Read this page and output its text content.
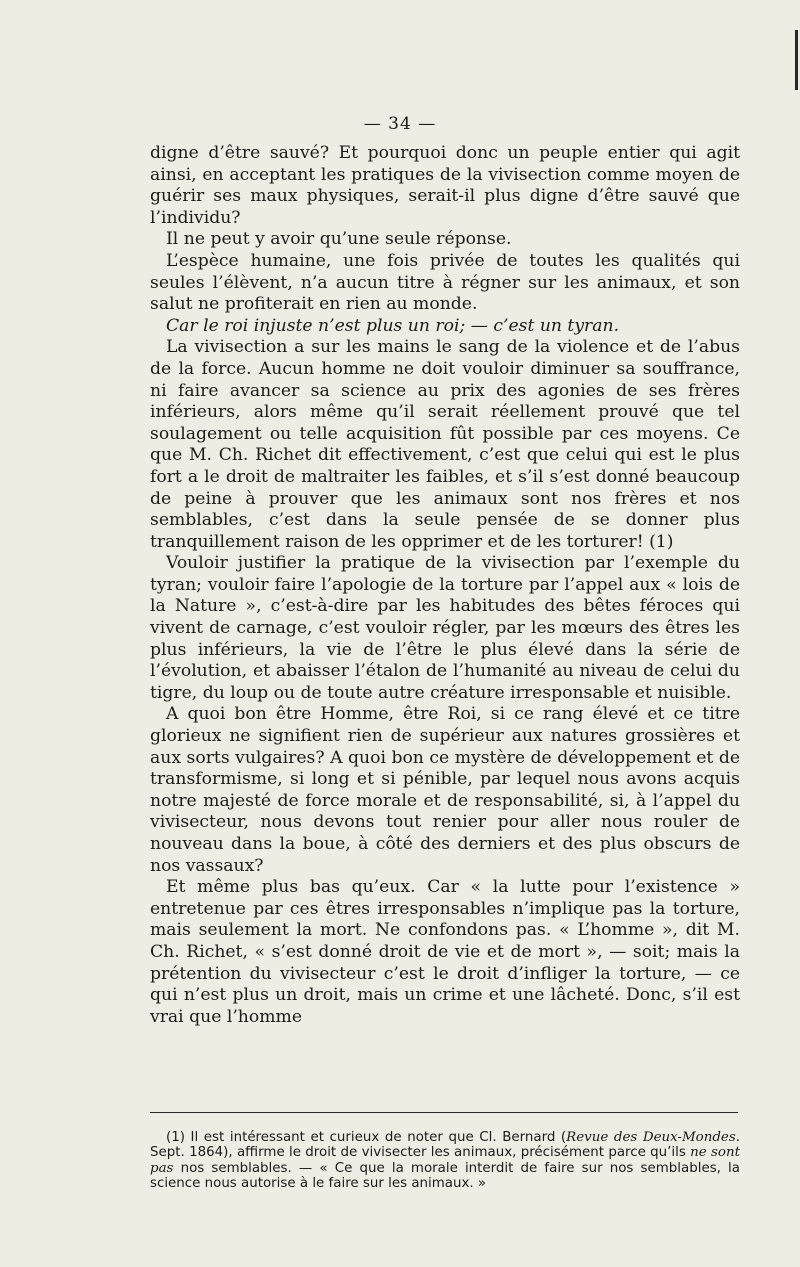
— 34 —

digne d’être sauvé? Et pourquoi donc un peuple entier qui agit ainsi, en acceptant les pratiques de la vivisection comme moyen de guérir ses maux physiques, serait-il plus digne d’être sauvé que l’individu?

Il ne peut y avoir qu’une seule réponse.

L’espèce humaine, une fois privée de toutes les qualités qui seules l’élèvent, n’a aucun titre à régner sur les animaux, et son salut ne profiterait en rien au monde.

Car le roi injuste n’est plus un roi; — c’est un tyran.

La vivisection a sur les mains le sang de la violence et de l’abus de la force. Aucun homme ne doit vouloir diminuer sa souffrance, ni faire avancer sa science au prix des agonies de ses frères inférieurs, alors même qu’il serait réellement prouvé que tel soulagement ou telle acquisition fût possible par ces moyens. Ce que M. Ch. Richet dit effectivement, c’est que celui qui est le plus fort a le droit de maltraiter les faibles, et s’il s’est donné beaucoup de peine à prouver que les animaux sont nos frères et nos semblables, c’est dans la seule pensée de se donner plus tranquillement raison de les opprimer et de les torturer! (1)

Vouloir justifier la pratique de la vivisection par l’exemple du tyran; vouloir faire l’apologie de la torture par l’appel aux « lois de la Nature », c’est-à-dire par les habitudes des bêtes féroces qui vivent de carnage, c’est vouloir régler, par les mœurs des êtres les plus inférieurs, la vie de l’être le plus élevé dans la série de l’évolution, et abaisser l’étalon de l’humanité au niveau de celui du tigre, du loup ou de toute autre créature irresponsable et nuisible.

A quoi bon être Homme, être Roi, si ce rang élevé et ce titre glorieux ne signifient rien de supérieur aux natures grossières et aux sorts vulgaires? A quoi bon ce mystère de développement et de transformisme, si long et si pénible, par lequel nous avons acquis notre majesté de force morale et de responsabilité, si, à l’appel du vivisecteur, nous devons tout renier pour aller nous rouler de nouveau dans la boue, à côté des derniers et des plus obscurs de nos vassaux?

Et même plus bas qu’eux. Car « la lutte pour l’existence » entretenue par ces êtres irresponsables n’implique pas la torture, mais seulement la mort. Ne confondons pas. « L’homme », dit M. Ch. Richet, « s’est donné droit de vie et de mort », — soit; mais la prétention du vivisecteur c’est le droit d’infliger la torture, — ce qui n’est plus un droit, mais un crime et une lâcheté. Donc, s’il est vrai que l’homme

(1) Il est intéressant et curieux de noter que Cl. Bernard (Revue des Deux-Mondes. Sept. 1864), affirme le droit de vivisecter les animaux, précisément parce qu’ils ne sont pas nos semblables. — « Ce que la morale interdit de faire sur nos semblables, la science nous autorise à le faire sur les animaux. »
